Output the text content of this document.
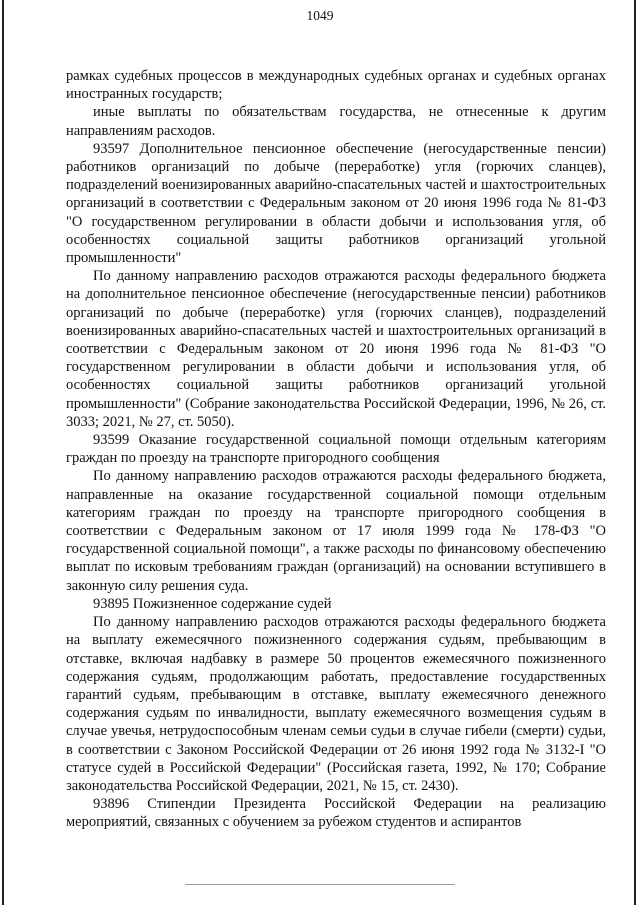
1049

рамках судебных процессов в международных судебных органах и судебных органах иностранных государств;

иные выплаты по обязательствам государства, не отнесенные к другим направлениям расходов.

93597 Дополнительное пенсионное обеспечение (негосударственные пенсии) работников организаций по добыче (переработке) угля (горючих сланцев), подразделений военизированных аварийно-спасательных частей и шахтостроительных организаций в соответствии с Федеральным законом от 20 июня 1996 года № 81-ФЗ "О государственном регулировании в области добычи и использования угля, об особенностях социальной защиты работников организаций угольной промышленности"

По данному направлению расходов отражаются расходы федерального бюджета на дополнительное пенсионное обеспечение (негосударственные пенсии) работников организаций по добыче (переработке) угля (горючих сланцев), подразделений военизированных аварийно-спасательных частей и шахтостроительных организаций в соответствии с Федеральным законом от 20 июня 1996 года № 81-ФЗ "О государственном регулировании в области добычи и использования угля, об особенностях социальной защиты работников организаций угольной промышленности" (Собрание законодательства Российской Федерации, 1996, № 26, ст. 3033; 2021, № 27, ст. 5050).

93599 Оказание государственной социальной помощи отдельным категориям граждан по проезду на транспорте пригородного сообщения

По данному направлению расходов отражаются расходы федерального бюджета, направленные на оказание государственной социальной помощи отдельным категориям граждан по проезду на транспорте пригородного сообщения в соответствии с Федеральным законом от 17 июля 1999 года № 178-ФЗ "О государственной социальной помощи", а также расходы по финансовому обеспечению выплат по исковым требованиям граждан (организаций) на основании вступившего в законную силу решения суда.

93895 Пожизненное содержание судей

По данному направлению расходов отражаются расходы федерального бюджета на выплату ежемесячного пожизненного содержания судьям, пребывающим в отставке, включая надбавку в размере 50 процентов ежемесячного пожизненного содержания судьям, продолжающим работать, предоставление государственных гарантий судьям, пребывающим в отставке, выплату ежемесячного денежного содержания судьям по инвалидности, выплату ежемесячного возмещения судьям в случае увечья, нетрудоспособным членам семьи судьи в случае гибели (смерти) судьи, в соответствии с Законом Российской Федерации от 26 июня 1992 года № 3132-I "О статусе судей в Российской Федерации" (Российская газета, 1992, № 170; Собрание законодательства Российской Федерации, 2021, № 15, ст. 2430).

93896 Стипендии Президента Российской Федерации на реализацию мероприятий, связанных с обучением за рубежом студентов и аспирантов
